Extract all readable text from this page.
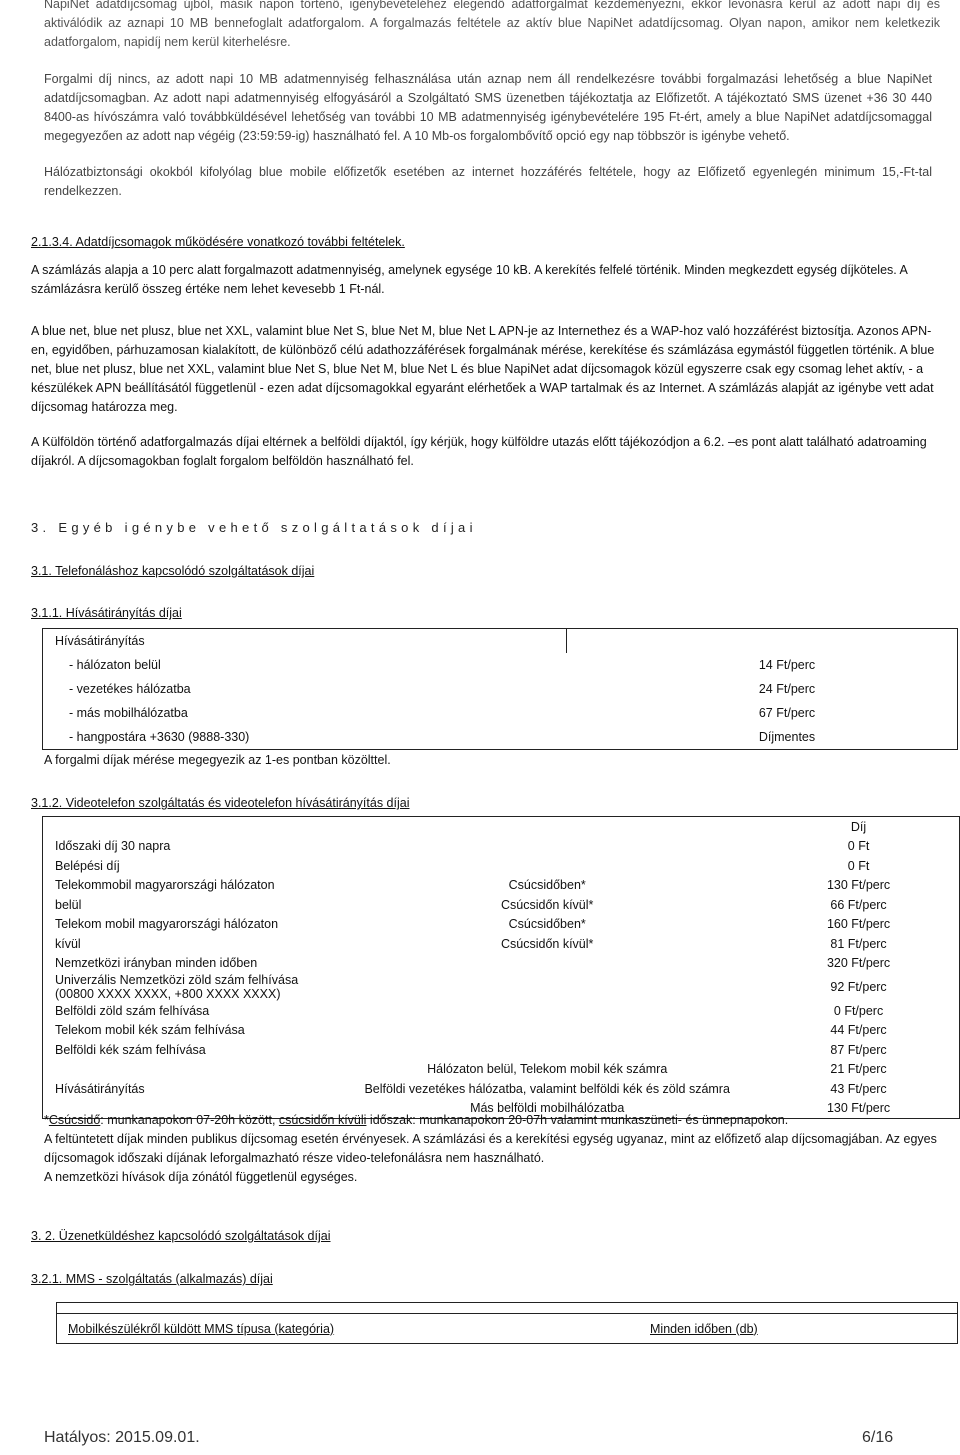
NapiNet adatdíjcsomag újból, másik napon történő, igénybevételéhez elegendő adatforgalmat kezdeményezni, ekkor levonásra kerül az adott napi díj és aktiválódik az aznapi 10 MB bennefoglalt adatforgalom. A forgalmazás feltétele az aktív blue NapiNet adatdíjcsomag. Olyan napon, amikor nem keletkezik adatforgalom, napidíj nem kerül kiterhelésre.
Forgalmi díj nincs, az adott napi 10 MB adatmennyiség felhasználása után aznap nem áll rendelkezésre további forgalmazási lehetőség a blue NapiNet adatdíjcsomagban. Az adott napi adatmennyiség elfogyásáról a Szolgáltató SMS üzenetben tájékoztatja az Előfizetőt. A tájékoztató SMS üzenet +36 30 440 8400-as hívószámra való továbbküldésével lehetőség van további 10 MB adatmennyiség igénybevételére 195 Ft-ért, amely a blue NapiNet adatdíjcsomaggal megegyezően az adott nap végéig (23:59:59-ig) használható fel. A 10 Mb-os forgalombővítő opció egy nap többször is igénybe vehető.
Hálózatbiztonsági okokból kifolyólag blue mobile előfizetők esetében az internet hozzáférés feltétele, hogy az Előfizető egyenlegén minimum 15,-Ft-tal rendelkezzen.
2.1.3.4. Adatdíjcsomagok működésére vonatkozó további feltételek.
A számlázás alapja a 10 perc alatt forgalmazott adatmennyiség, amelynek egysége 10 kB. A kerekítés felfelé történik. Minden megkezdett egység díjköteles. A számlázásra kerülő összeg értéke nem lehet kevesebb 1 Ft-nál.
A blue net, blue net plusz, blue net XXL, valamint blue Net S, blue Net M, blue Net L APN-je az Internethez és a WAP-hoz való hozzáférést biztosítja. Azonos APN-en, egyidőben, párhuzamosan kialakított, de különböző célú adathozzáférések forgalmának mérése, kerekítése és számlázása egymástól független történik. A blue net, blue net plusz, blue net XXL, valamint blue Net S, blue Net M, blue Net L és blue NapiNet adat díjcsomagok közül egyszerre csak egy csomag lehet aktív, - a készülékek APN beállításától függetlenül - ezen adat díjcsomagokkal egyaránt elérhetőek a WAP tartalmak és az Internet. A számlázás alapját az igénybe vett adat díjcsomag határozza meg.
A Külföldön történő adatforgalmazás díjai eltérnek a belföldi díjaktól, így kérjük, hogy külföldre utazás előtt tájékozódjon a 6.2. –es pont alatt található adatroaming díjakról. A díjcsomagokban foglalt forgalom belföldön használható fel.
3. Egyéb igénybe vehető szolgáltatások díjai
3.1. Telefonáláshoz kapcsolódó szolgáltatások díjai
3.1.1. Hívásátirányítás díjai
Hívásátirányítás		
- hálózaton belül		14 Ft/perc
- vezetékes hálózatba		24 Ft/perc
- más mobilhálózatba		67 Ft/perc
- hangpostára +3630 (9888-330)		Díjmentes
A forgalmi díjak mérése megegyezik az 1-es pontban közölttel.
3.1.2. Videotelefon szolgáltatás és videotelefon hívásátirányítás díjai
		Díj
Időszaki díj 30 napra		0 Ft
Belépési díj		0 Ft
Telekommobil magyarországi hálózaton	Csúcsidőben*	130 Ft/perc
belül	Csúcsidőn kívül*	66 Ft/perc
Telekom mobil magyarországi hálózaton	Csúcsidőben*	160 Ft/perc
kívül	Csúcsidőn kívül*	81 Ft/perc
Nemzetközi irányban minden időben		320 Ft/perc
Univerzális Nemzetközi zöld szám felhívása (00800 XXXX XXXX, +800 XXXX XXXX)		92 Ft/perc
Belföldi zöld szám felhívása		0 Ft/perc
Telekom mobil kék szám felhívása		44 Ft/perc
Belföldi kék szám felhívása		87 Ft/perc
	Hálózaton belül, Telekom mobil kék számra	21 Ft/perc
Hívásátirányítás	Belföldi vezetékes hálózatba, valamint belföldi kék és zöld számra	43 Ft/perc
	Más belföldi mobilhálózatba	130 Ft/perc
*Csúcsidő: munkanapokon 07-20h között, csúcsidőn kívüli időszak: munkanapokon 20-07h valamint munkaszüneti- és ünnepnapokon.
A feltüntetett díjak minden publikus díjcsomag esetén érvényesek. A számlázási és a kerekítési egység ugyanaz, mint az előfizető alap díjcsomagjában. Az egyes díjcsomagok időszaki díjának leforgalmazható része video-telefonálásra nem használható.
A nemzetközi hívások díja zónától függetlenül egységes.
3. 2. Üzenetküldéshez kapcsolódó szolgáltatások díjai
3.2.1. MMS - szolgáltatás (alkalmazás) díjai

Mobilkészülékről küldött MMS típusa (kategória)	Minden időben (db)
Hatályos: 2015.09.01.	6/16
